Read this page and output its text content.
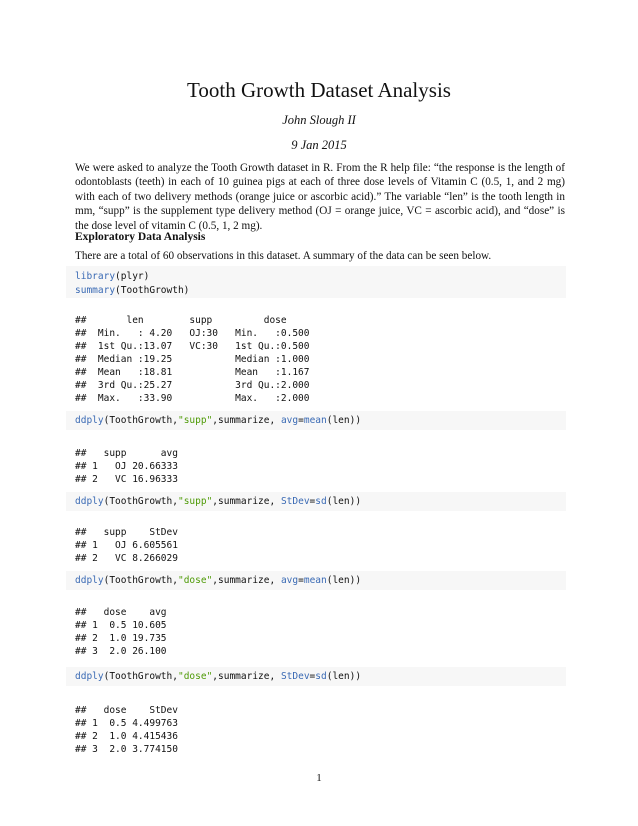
Tooth Growth Dataset Analysis
John Slough II
9 Jan 2015
We were asked to analyze the Tooth Growth dataset in R. From the R help file: “the response is the length of odontoblasts (teeth) in each of 10 guinea pigs at each of three dose levels of Vitamin C (0.5, 1, and 2 mg) with each of two delivery methods (orange juice or ascorbic acid).” The variable “len” is the tooth length in mm, “supp” is the supplement type delivery method (OJ = orange juice, VC = ascorbic acid), and “dose” is the dose level of vitamin C (0.5, 1, 2 mg).
Exploratory Data Analysis
There are a total of 60 observations in this dataset. A summary of the data can be seen below.
library(plyr)
summary(ToothGrowth)
##       len        supp         dose
##  Min.   : 4.20   OJ:30   Min.   :0.500
##  1st Qu.:13.07   VC:30   1st Qu.:0.500
##  Median :19.25           Median :1.000
##  Mean   :18.81           Mean   :1.167
##  3rd Qu.:25.27           3rd Qu.:2.000
##  Max.   :33.90           Max.   :2.000
ddply(ToothGrowth,"supp",summarize, avg=mean(len))
##   supp      avg
## 1   OJ 20.66333
## 2   VC 16.96333
ddply(ToothGrowth,"supp",summarize, StDev=sd(len))
##   supp    StDev
## 1   OJ 6.605561
## 2   VC 8.266029
ddply(ToothGrowth,"dose",summarize, avg=mean(len))
##   dose    avg
## 1  0.5 10.605
## 2  1.0 19.735
## 3  2.0 26.100
ddply(ToothGrowth,"dose",summarize, StDev=sd(len))
##   dose    StDev
## 1  0.5 4.499763
## 2  1.0 4.415436
## 3  2.0 3.774150
1
